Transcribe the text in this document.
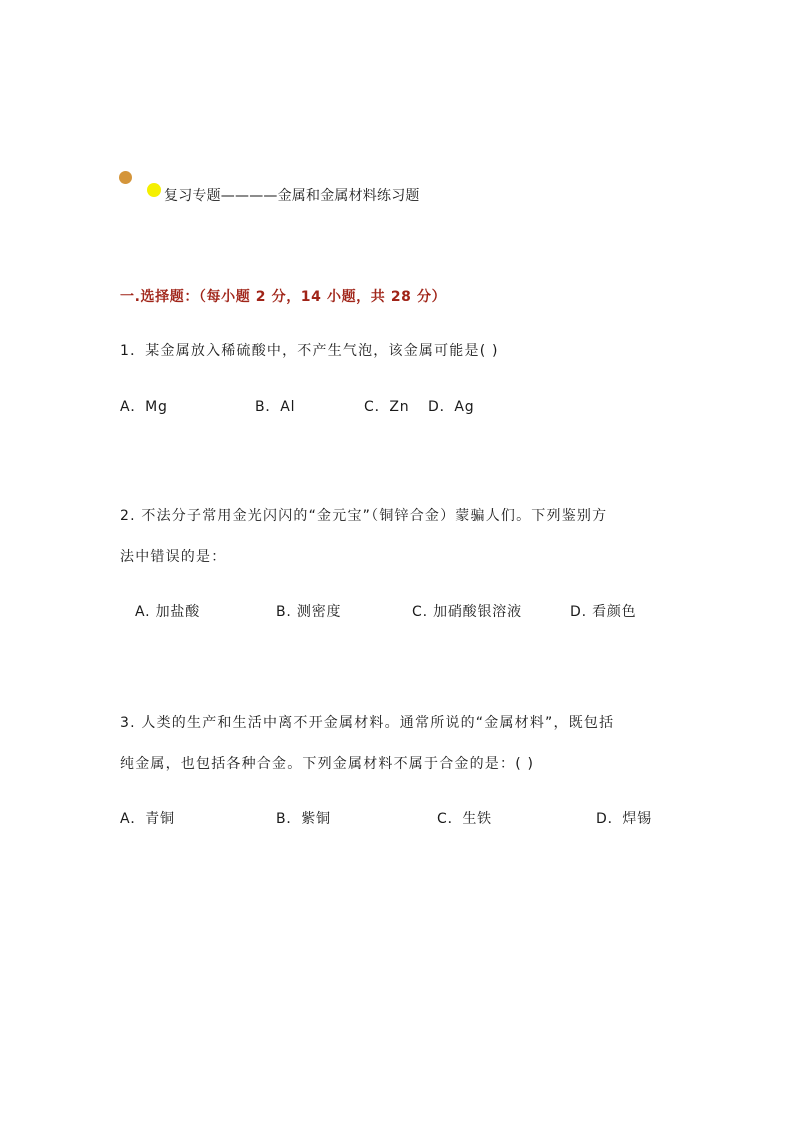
复习专题————金属和金属材料练习题
一.选择题：（每小题 2 分，14 小题，共 28 分）
1．某金属放入稀硫酸中，不产生气泡，该金属可能是( )
A．Mg	B．Al	C．Zn D．Ag
2. 不法分子常用金光闪闪的“金元宝”（铜锌合金）蒙骗人们。下列鉴别方
法中错误的是：
A. 加盐酸	B. 测密度	C. 加硝酸银溶液	D. 看颜色
3. 人类的生产和生活中离不开金属材料。通常所说的“金属材料”，既包括
纯金属，也包括各种合金。下列金属材料不属于合金的是：( )
A．青铜	B．紫铜	C．生铁	D．焊锡
